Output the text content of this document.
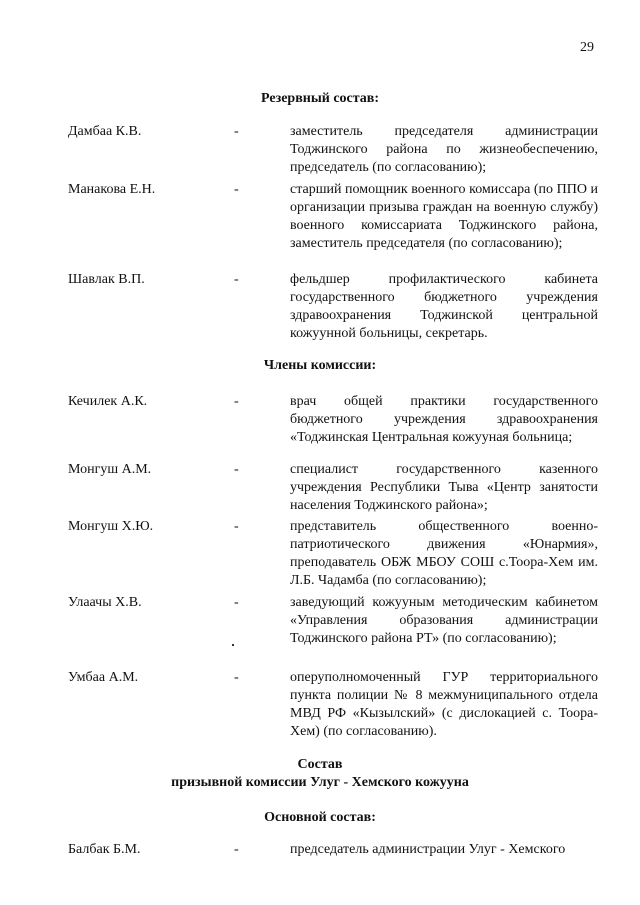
29
Резервный состав:
Дамбаа К.В.	-	заместитель председателя администрации Тоджинского района по жизнеобеспечению, председатель (по согласованию);
Манакова Е.Н.	-	старший помощник военного комиссара (по ППО и организации призыва граждан на военную службу) военного комиссариата Тоджинского района, заместитель председателя (по согласованию);
Шавлак В.П.	-	фельдшер профилактического кабинета государственного бюджетного учреждения здравоохранения Тоджинской центральной кожуунной больницы, секретарь.
Члены комиссии:
Кечилек А.К.	-	врач общей практики государственного бюджетного учреждения здравоохранения «Тоджинская Центральная кожууная больница;
Монгуш А.М.	-	специалист государственного казенного учреждения Республики Тыва «Центр занятости населения Тоджинского района»;
Монгуш Х.Ю.	-	представитель общественного военно-патриотического движения «Юнармия», преподаватель ОБЖ МБОУ СОШ с.Тоора-Хем им. Л.Б. Чадамба (по согласованию);
Улаачы Х.В.	-	заведующий кожууным методическим кабинетом «Управления образования администрации Тоджинского района РТ» (по согласованию);
Умбаа А.М.	-	оперуполномоченный ГУР территориального пункта полиции № 8 межмуниципального отдела МВД РФ «Кызылский» (с дислокацией с. Тоора-Хем) (по согласованию).
Состав
призывной комиссии Улуг - Хемского кожууна
Основной состав:
Балбак Б.М.	-	председатель администрации Улуг - Хемского
